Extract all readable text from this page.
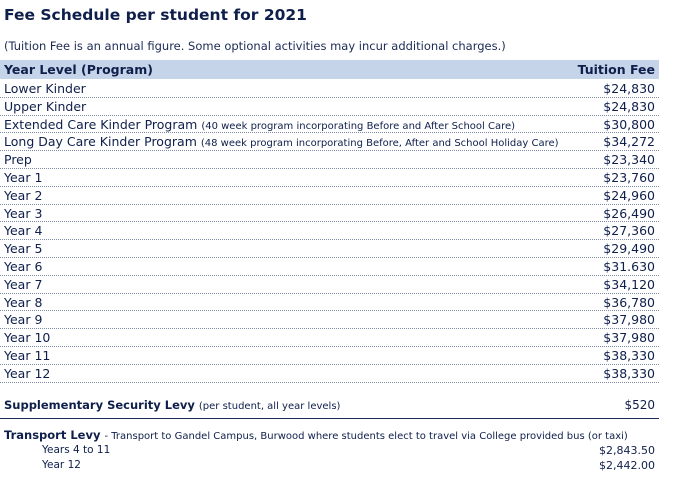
Fee Schedule per student for 2021
(Tuition Fee is an annual figure. Some optional activities may incur additional charges.)
Year Level (Program)	Tuition Fee
Lower Kinder	$24,830
Upper Kinder	$24,830
Extended Care Kinder Program (40 week program incorporating Before and After School Care)	$30,800
Long Day Care Kinder Program (48 week program incorporating Before, After and School Holiday Care)	$34,272
Prep	$23,340
Year 1	$23,760
Year 2	$24,960
Year 3	$26,490
Year 4	$27,360
Year 5	$29,490
Year 6	$31.630
Year 7	$34,120
Year 8	$36,780
Year 9	$37,980
Year 10	$37,980
Year 11	$38,330
Year 12	$38,330
Supplementary Security Levy (per student, all year levels)	$520
Transport Levy - Transport to Gandel Campus, Burwood where students elect to travel via College provided bus (or taxi)
Years 4 to 11	$2,843.50
Year 12	$2,442.00
